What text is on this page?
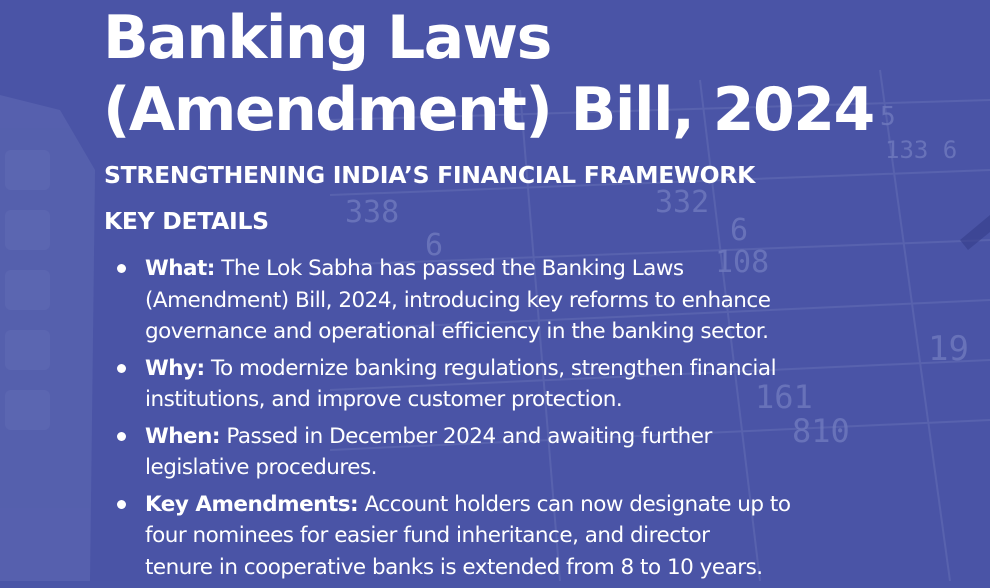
338
6
332
6
108
161
810
19
5
133 6
Banking Laws
(Amendment) Bill, 2024
STRENGTHENING INDIA’S FINANCIAL FRAMEWORK
KEY DETAILS
What: The Lok Sabha has passed the Banking Laws
(Amendment) Bill, 2024, introducing key reforms to enhance
governance and operational efficiency in the banking sector.
Why: To modernize banking regulations, strengthen financial
institutions, and improve customer protection.
When: Passed in December 2024 and awaiting further
legislative procedures.
Key Amendments: Account holders can now designate up to
four nominees for easier fund inheritance, and director
tenure in cooperative banks is extended from 8 to 10 years.
